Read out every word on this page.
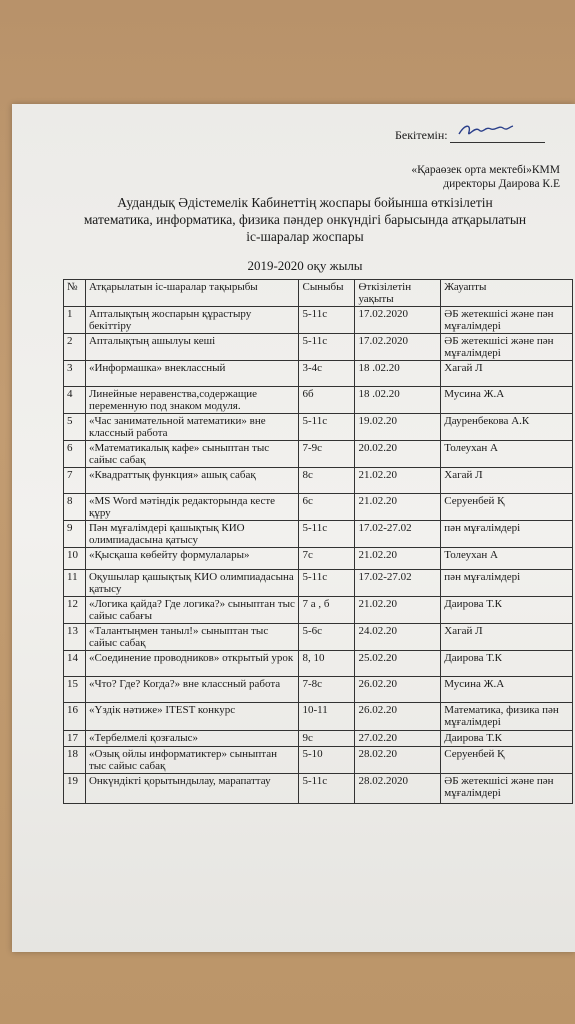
Бекітемін:
«Қараөзек орта мектебі»КММ
директоры Даирова К.Е
Аудандық Әдістемелік Кабинеттің жоспары бойынша өткізілетін
математика, информатика, физика пәндер онкүндігі барысында атқарылатын
іс-шаралар жоспары
2019-2020 оқу жылы
№	Атқарылатын іс-шаралар тақырыбы	Сыныбы	Өткізілетін уақыты	Жауапты
1	Апталықтың жоспарын құрастыру бекіттіру	5-11с	17.02.2020	ӘБ жетекшісі және пән мұғалімдері
2	Апталықтың ашылуы кеші	5-11с	17.02.2020	ӘБ жетекшісі және пән мұғалімдері
3	«Информашка» внеклассный	3-4с	18 .02.20	Хагай Л
4	Линейные неравенства,содержащие переменную под знаком модуля.	6б	18 .02.20	Мусина Ж.А
5	«Час занимательной математики» вне классный работа	5-11с	19.02.20	Дауренбекова А.К
6	«Математикалық кафе» сыныптан тыс сайыс сабақ	7-9с	20.02.20	Толеухан А
7	«Квадраттық функция» ашық сабақ	8с	21.02.20	Хагай Л
8	«MS Word мәтіндік редакторында кесте құру	6с	21.02.20	Серуенбей Қ
9	Пән мұғалімдері қашықтық КИО олимпиадасына қатысу	5-11с	17.02-27.02	пән мұғалімдері
10	«Қысқаша көбейту формулалары»	7с	21.02.20	Толеухан А
11	Оқушылар қашықтық КИО олимпиадасына қатысу	5-11с	17.02-27.02	пән мұғалімдері
12	«Логика қайда? Где логика?» сыныптан тыс сайыс сабағы	7 а , б	21.02.20	Даирова Т.К
13	«Талантыңмен таныл!» сыныптан тыс сайыс сабақ	5-6с	24.02.20	Хагай Л
14	«Соединение проводников» открытый урок	8, 10	25.02.20	Даирова Т.К
15	«Что? Где? Когда?» вне классный работа	7-8с	26.02.20	Мусина Ж.А
16	«Үздік нәтиже» ITEST конкурс	10-11	26.02.20	Математика, физика пән мұғалімдері
17	«Тербелмелі қозғалыс»	9с	27.02.20	Даирова Т.К
18	«Озық ойлы информатиктер» сыныптан тыс сайыс сабақ	5-10	28.02.20	Серуенбей Қ
19	Онкүндікті қорытындылау, марапаттау	5-11с	28.02.2020	ӘБ жетекшісі және пән мұғалімдері
